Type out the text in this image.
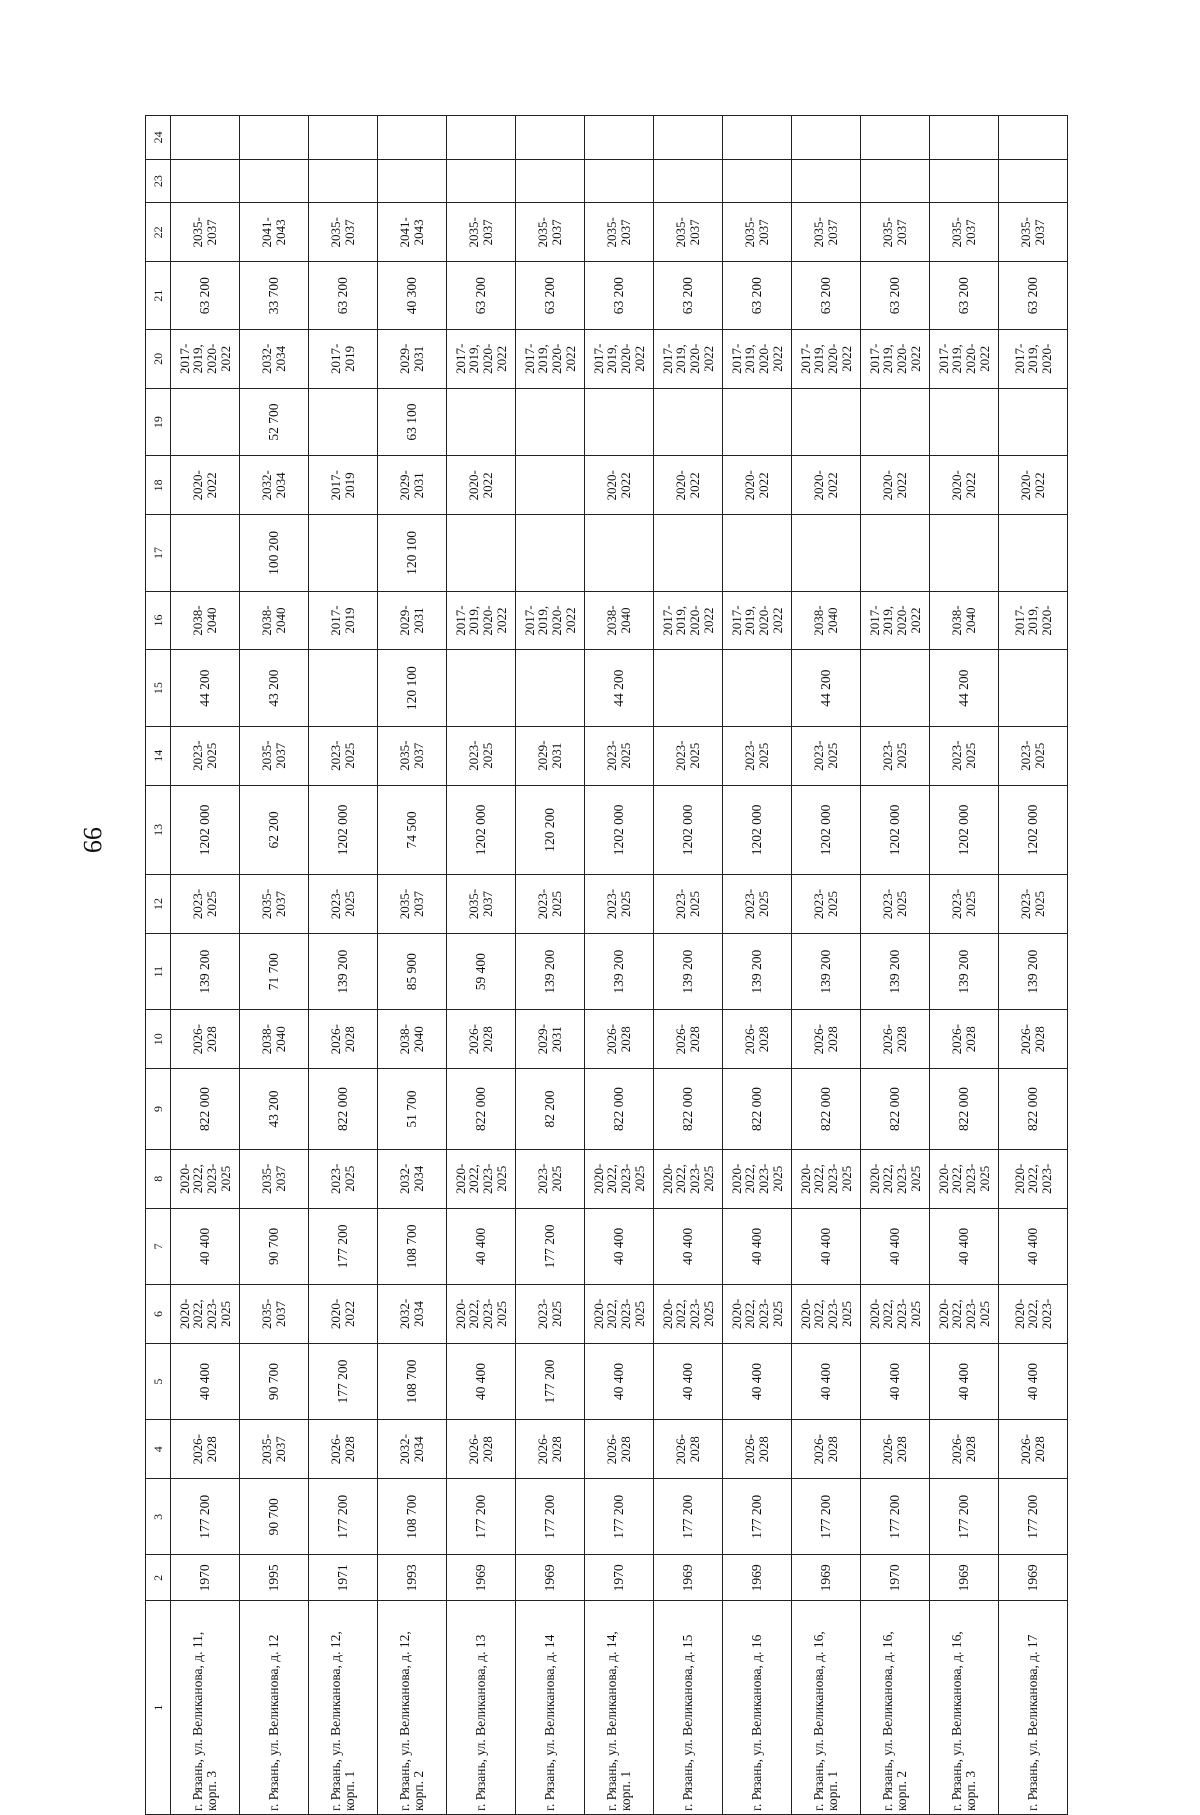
99
1	2	3	4	5	6	7	8	9	10	11	12	13	14	15	16	17	18	19	20	21	22	23	24
г. Рязань, ул. Великанова, д. 11, корп. 3	1970	177 200	2026-2028	40 400	2020-2022, 2023-2025	40 400	2020-2022, 2023-2025	822 000	2026-2028	139 200	2023-2025	1202 000	2023-2025	44 200	2038-2040		2020-2022		2017-2019, 2020-2022	63 200	2035-2037		
г. Рязань, ул. Великанова, д. 12	1995	90 700	2035-2037	90 700	2035-2037	90 700	2035-2037	43 200	2038-2040	71 700	2035-2037	62 200	2035-2037	43 200	2038-2040	100 200	2032-2034	52 700	2032-2034	33 700	2041-2043		
г. Рязань, ул. Великанова, д. 12, корп. 1	1971	177 200	2026-2028	177 200	2020-2022	177 200	2023-2025	822 000	2026-2028	139 200	2023-2025	1202 000	2023-2025		2017-2019		2017-2019		2017-2019	63 200	2035-2037		
г. Рязань, ул. Великанова, д. 12, корп. 2	1993	108 700	2032-2034	108 700	2032-2034	108 700	2032-2034	51 700	2038-2040	85 900	2035-2037	74 500	2035-2037	120 100	2029-2031	120 100	2029-2031	63 100	2029-2031	40 300	2041-2043		
г. Рязань, ул. Великанова, д. 13	1969	177 200	2026-2028	40 400	2020-2022, 2023-2025	40 400	2020-2022, 2023-2025	822 000	2026-2028	59 400	2035-2037	1202 000	2023-2025		2017-2019, 2020-2022		2020-2022		2017-2019, 2020-2022	63 200	2035-2037		
г. Рязань, ул. Великанова, д. 14	1969	177 200	2026-2028	177 200	2023-2025	177 200	2023-2025	82 200	2029-2031	139 200	2023-2025	120 200	2029-2031		2017-2019, 2020-2022				2017-2019, 2020-2022	63 200	2035-2037		
г. Рязань, ул. Великанова, д. 14, корп. 1	1970	177 200	2026-2028	40 400	2020-2022, 2023-2025	40 400	2020-2022, 2023-2025	822 000	2026-2028	139 200	2023-2025	1202 000	2023-2025	44 200	2038-2040		2020-2022		2017-2019, 2020-2022	63 200	2035-2037		
г. Рязань, ул. Великанова, д. 15	1969	177 200	2026-2028	40 400	2020-2022, 2023-2025	40 400	2020-2022, 2023-2025	822 000	2026-2028	139 200	2023-2025	1202 000	2023-2025		2017-2019, 2020-2022		2020-2022		2017-2019, 2020-2022	63 200	2035-2037		
г. Рязань, ул. Великанова, д. 16	1969	177 200	2026-2028	40 400	2020-2022, 2023-2025	40 400	2020-2022, 2023-2025	822 000	2026-2028	139 200	2023-2025	1202 000	2023-2025		2017-2019, 2020-2022		2020-2022		2017-2019, 2020-2022	63 200	2035-2037		
г. Рязань, ул. Великанова, д. 16, корп. 1	1969	177 200	2026-2028	40 400	2020-2022, 2023-2025	40 400	2020-2022, 2023-2025	822 000	2026-2028	139 200	2023-2025	1202 000	2023-2025	44 200	2038-2040		2020-2022		2017-2019, 2020-2022	63 200	2035-2037		
г. Рязань, ул. Великанова, д. 16, корп. 2	1970	177 200	2026-2028	40 400	2020-2022, 2023-2025	40 400	2020-2022, 2023-2025	822 000	2026-2028	139 200	2023-2025	1202 000	2023-2025		2017-2019, 2020-2022		2020-2022		2017-2019, 2020-2022	63 200	2035-2037		
г. Рязань, ул. Великанова, д. 16, корп. 3	1969	177 200	2026-2028	40 400	2020-2022, 2023-2025	40 400	2020-2022, 2023-2025	822 000	2026-2028	139 200	2023-2025	1202 000	2023-2025	44 200	2038-2040		2020-2022		2017-2019, 2020-2022	63 200	2035-2037		
г. Рязань, ул. Великанова, д. 17	1969	177 200	2026-2028	40 400	2020-2022, 2023-	40 400	2020-2022, 2023-	822 000	2026-2028	139 200	2023-2025	1202 000	2023-2025		2017-2019, 2020-		2020-2022		2017-2019, 2020-	63 200	2035-2037		
